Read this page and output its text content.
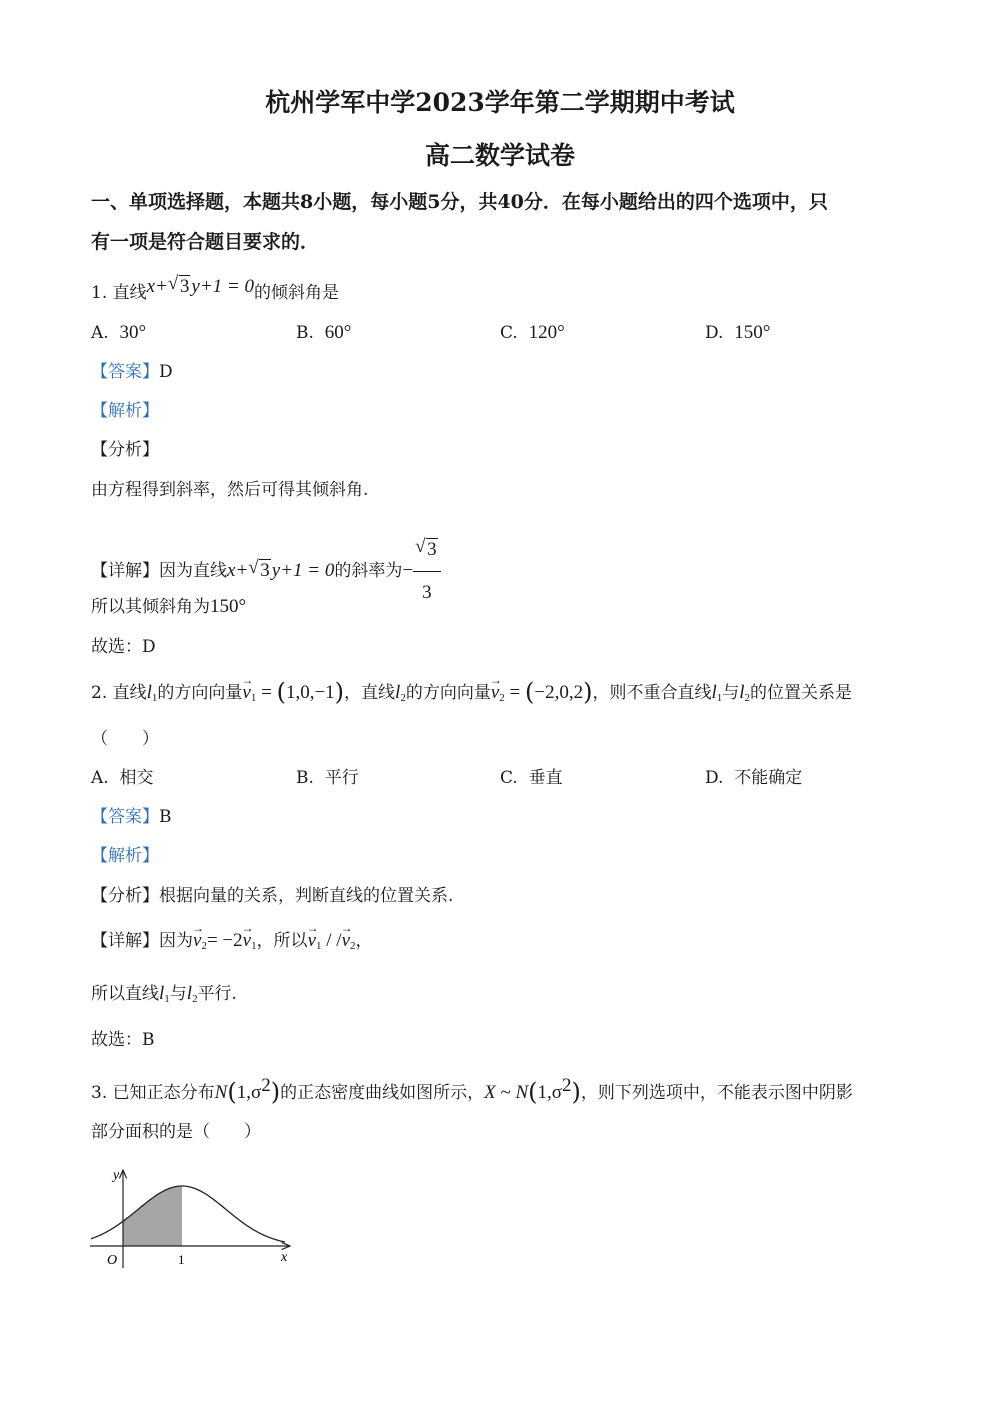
杭州学军中学2023学年第二学期期中考试
高二数学试卷
一、单项选择题，本题共8小题，每小题5分，共40分．在每小题给出的四个选项中，只
有一项是符合题目要求的．
1. 直线x+ √ 3 y+1 = 0的倾斜角是
A. 30°	B. 60°	C. 120°	D. 150°
【答案】D
【解析】
【分析】
由方程得到斜率，然后可得其倾斜角.
【详解】因为直线x+ √ 3 y+1 = 0的斜率为− $\frac{√ 3}{3}$
所以其倾斜角为150°
故选：D
2. 直线$l_1$的方向向量→ $v_1 = (1,0,-1)$，直线$l_2$的方向向量→ $v_2 = (-2,0,2)$，则不重合直线$l_1$与$l_2$的位置关系是
（　　）
A. 相交	B. 平行	C. 垂直	D. 不能确定
【答案】B
【解析】
【分析】根据向量的关系，判断直线的位置关系.
【详解】因为→ $v_2= -2\to v_1$，所以→ $v_1$ / /→ $v_2$，
所以直线$l_1$与$l_2$平行.
故选：B
3. 已知正态分布$N(1,\sigma^2)$的正态密度曲线如图所示，X ~ $N(1,\sigma^2)$，则下列选项中，不能表示图中阴影
部分面积的是（　　）
y
x
O	1
